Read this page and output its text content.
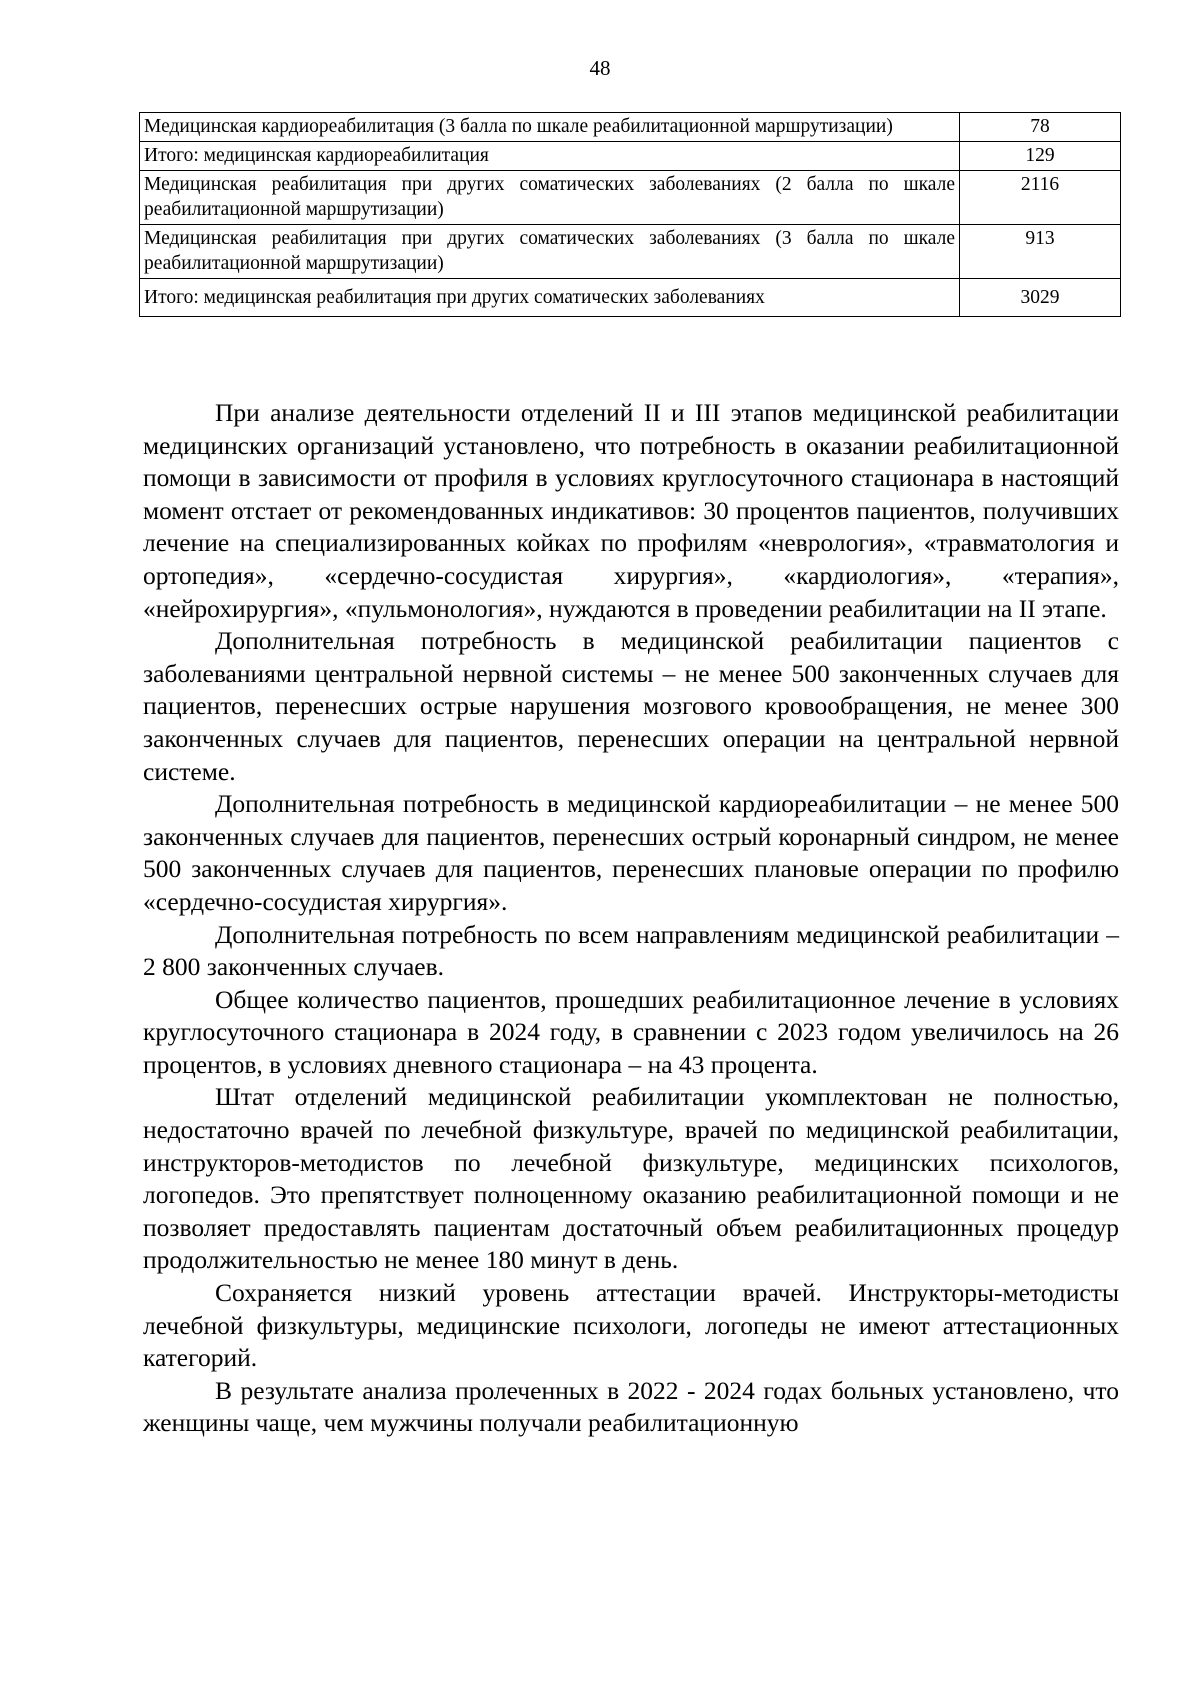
48
Медицинская кардиореабилитация (3 балла по шкале реабилитационной маршрутизации)	78
Итого: медицинская кардиореабилитация	129
Медицинская реабилитация при других соматических заболеваниях (2 балла по шкале реабилитационной маршрутизации)	2116
Медицинская реабилитация при других соматических заболеваниях (3 балла по шкале реабилитационной маршрутизации)	913
Итого: медицинская реабилитация при других соматических заболеваниях	3029

При анализе деятельности отделений II и III этапов медицинской реабилитации медицинских организаций установлено, что потребность в оказании реабилитационной помощи в зависимости от профиля в условиях круглосуточного стационара в настоящий момент отстает от рекомендованных индикативов: 30 процентов пациентов, получивших лечение на специализированных койках по профилям «неврология», «травматология и ортопедия», «сердечно-сосудистая хирургия», «кардиология», «терапия», «нейрохирургия», «пульмонология», нуждаются в проведении реабилитации на II этапе.

Дополнительная потребность в медицинской реабилитации пациентов с заболеваниями центральной нервной системы – не менее 500 законченных случаев для пациентов, перенесших острые нарушения мозгового кровообращения, не менее 300 законченных случаев для пациентов, перенесших операции на центральной нервной системе.

Дополнительная потребность в медицинской кардиореабилитации – не менее 500 законченных случаев для пациентов, перенесших острый коронарный синдром, не менее 500 законченных случаев для пациентов, перенесших плановые операции по профилю «сердечно-сосудистая хирургия».

Дополнительная потребность по всем направлениям медицинской реабилитации – 2 800 законченных случаев.

Общее количество пациентов, прошедших реабилитационное лечение в условиях круглосуточного стационара в 2024 году, в сравнении с 2023 годом увеличилось на 26 процентов, в условиях дневного стационара – на 43 процента.

Штат отделений медицинской реабилитации укомплектован не полностью, недостаточно врачей по лечебной физкультуре, врачей по медицинской реабилитации, инструкторов-методистов по лечебной физкультуре, медицинских психологов, логопедов. Это препятствует полноценному оказанию реабилитационной помощи и не позволяет предоставлять пациентам достаточный объем реабилитационных процедур продолжительностью не менее 180 минут в день.

Сохраняется низкий уровень аттестации врачей. Инструкторы-методисты лечебной физкультуры, медицинские психологи, логопеды не имеют аттестационных категорий.

В результате анализа пролеченных в 2022 - 2024 годах больных установлено, что женщины чаще, чем мужчины получали реабилитационную
